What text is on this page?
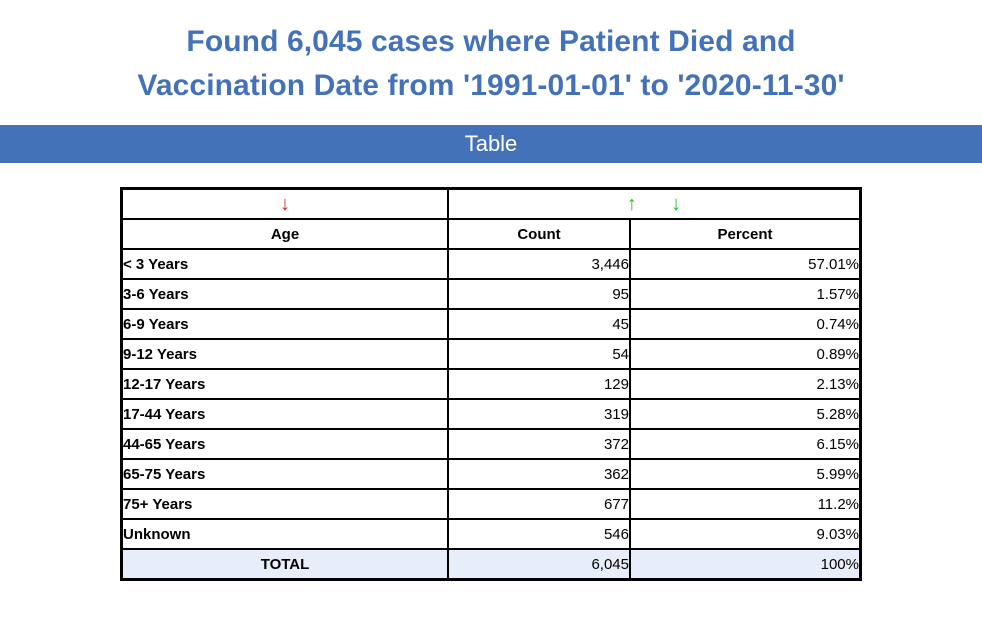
Found 6,045 cases where Patient Died and
Vaccination Date from '1991-01-01' to '2020-11-30'
Table
↓	↑ ↓	
Age	Count	Percent
< 3 Years	3,446	57.01%
3-6 Years	95	1.57%
6-9 Years	45	0.74%
9-12 Years	54	0.89%
12-17 Years	129	2.13%
17-44 Years	319	5.28%
44-65 Years	372	6.15%
65-75 Years	362	5.99%
75+ Years	677	11.2%
Unknown	546	9.03%
TOTAL	6,045	100%
